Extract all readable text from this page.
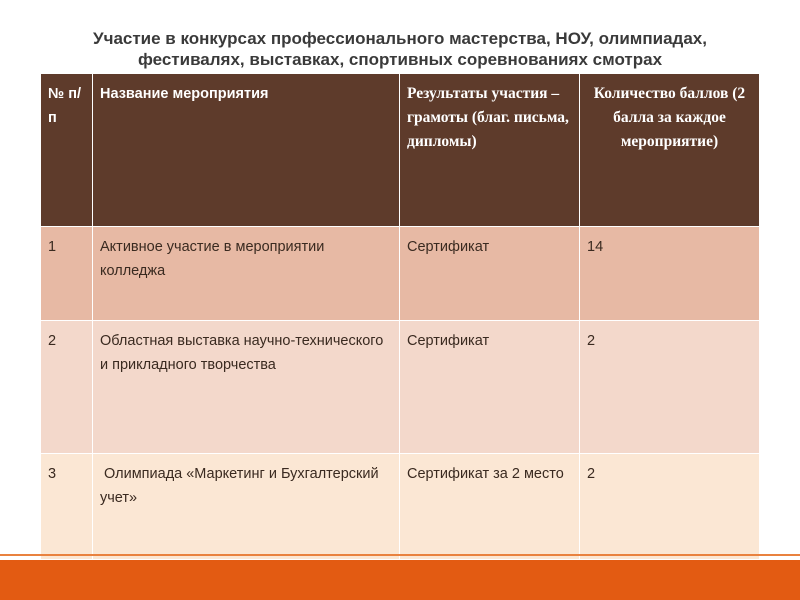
Участие в конкурсах профессионального мастерства, НОУ, олимпиадах,
фестивалях, выставках, спортивных соревнованиях смотрах
№ п/п	Название мероприятия	Результаты участия – грамоты (благ. письма, дипломы)	Количество баллов (2 балла за каждое мероприятие)
1	Активное участие в мероприятии колледжа	Сертификат	14
2	Областная выставка научно-технического и прикладного творчества	Сертификат	2
3	Олимпиада «Маркетинг и Бухгалтерский  учет»	Сертификат за 2 место	2
